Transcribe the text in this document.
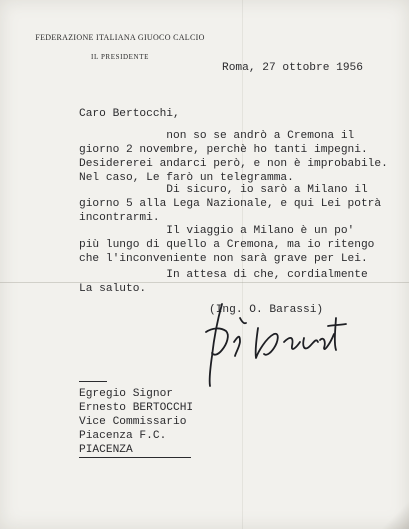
FEDERAZIONE ITALIANA GIUOCO CALCIO
IL PRESIDENTE
Roma, 27 ottobre 1956
Caro Bertocchi,
non so se andrò a Cremona il
giorno 2 novembre, perchè ho tanti impegni.
Desidererei andarci però, e non è improbabile.
Nel caso, Le farò un telegramma.
Di sicuro, io sarò a Milano il
giorno 5 alla Lega Nazionale, e qui Lei potrà
incontrarmi.
Il viaggio a Milano è un po'
più lungo di quello a Cremona, ma io ritengo
che l'inconveniente non sarà grave per Lei.
In attesa di che, cordialmente
La saluto.
(Ing. O. Barassi)
Egregio Signor
Ernesto BERTOCCHI
Vice Commissario
Piacenza F.C.
PIACENZA
